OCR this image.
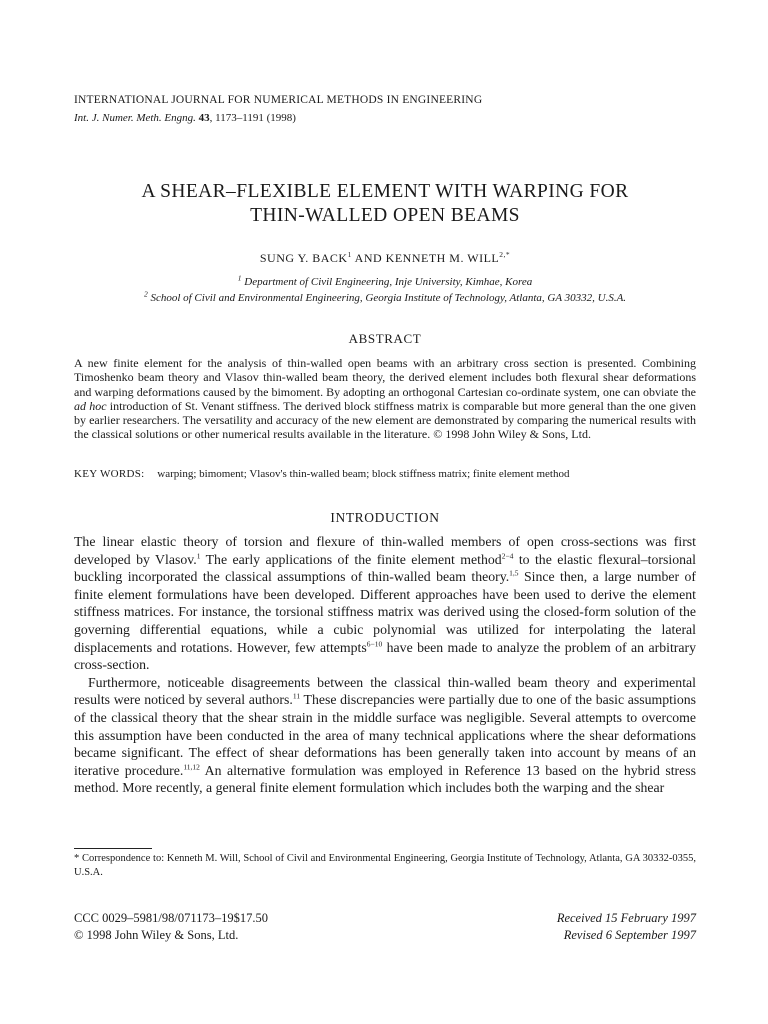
INTERNATIONAL JOURNAL FOR NUMERICAL METHODS IN ENGINEERING
Int. J. Numer. Meth. Engng. 43, 1173–1191 (1998)
A SHEAR–FLEXIBLE ELEMENT WITH WARPING FOR
THIN-WALLED OPEN BEAMS
SUNG Y. BACK$^1$ AND KENNETH M. $WILL^{2,*}$
$^1$ Department of Civil Engineering, Inje University, Kimhae, Korea
$^2$ School of Civil and Environmental Engineering, Georgia Institute of Technology, Atlanta, GA 30332, U.S.A.
ABSTRACT

A new finite element for the analysis of thin-walled open beams with an arbitrary cross section is presented. Combining Timoshenko beam theory and Vlasov thin-walled beam theory, the derived element includes both flexural shear deformations and warping deformations caused by the bimoment. By adopting an orthogonal Cartesian co-ordinate system, one can obviate the ad hoc introduction of St. Venant stiffness. The derived block stiffness matrix is comparable but more general than the one given by earlier researchers. The versatility and accuracy of the new element are demonstrated by comparing the numerical results with the classical solutions or other numerical results available in the literature. © 1998 John Wiley & Sons, Ltd.

KEY WORDS: warping; bimoment; Vlasov's thin-walled beam; block stiffness matrix; finite element method
INTRODUCTION

The linear elastic theory of torsion and flexure of thin-walled members of open cross-sections was first developed by Vlasov.$^1$ The early applications of the finite element method$^{2-4}$ to the elastic flexural–torsional buckling incorporated the classical assumptions of thin-walled beam theory.$^{1,5}$ Since then, a large number of finite element formulations have been developed. Different approaches have been used to derive the element stiffness matrices. For instance, the torsional stiffness matrix was derived using the closed-form solution of the governing differential equations, while a cubic polynomial was utilized for interpolating the lateral displacements and rotations. However, few attempts$^{6-10}$ have been made to analyze the problem of an arbitrary cross-section.

Furthermore, noticeable disagreements between the classical thin-walled beam theory and experimental results were noticed by several authors.$^{11}$ These discrepancies were partially due to one of the basic assumptions of the classical theory that the shear strain in the middle surface was negligible. Several attempts to overcome this assumption have been conducted in the area of many technical applications where the shear deformations became significant. The effect of shear deformations has been generally taken into account by means of an iterative procedure.$^{11,12}$ An alternative formulation was employed in Reference 13 based on the hybrid stress method. More recently, a general finite element formulation which includes both the warping and the shear

* Correspondence to: Kenneth M. Will, School of Civil and Environmental Engineering, Georgia Institute of Technology, Atlanta, GA 30332-0355, U.S.A.
CCC 0029–5981/98/071173–19$17.50
© 1998 John Wiley & Sons, Ltd.
Received 15 February 1997
Revised 6 September 1997
